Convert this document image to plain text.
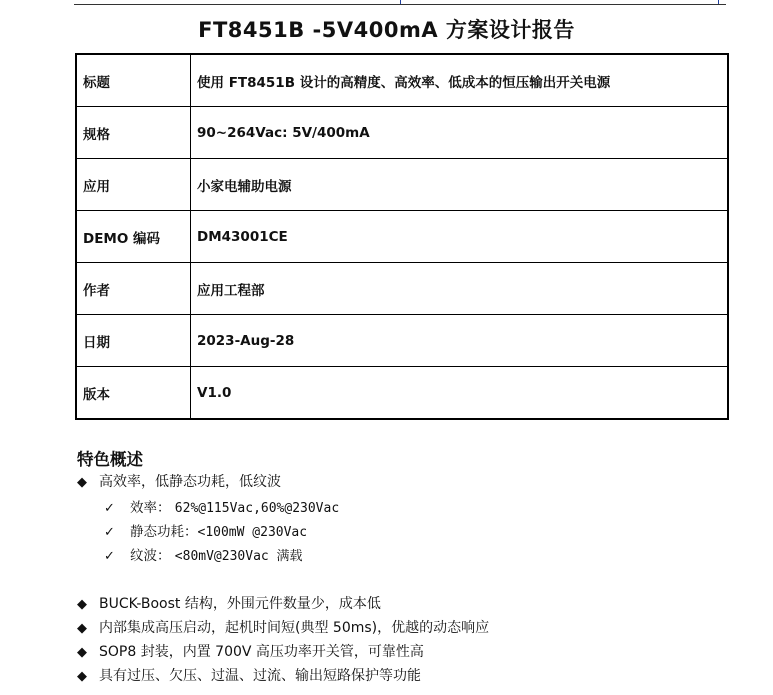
FT8451B -5V400mA 方案设计报告
标题	使用 FT8451B 设计的高精度、高效率、低成本的恒压输出开关电源
规格	90~264Vac: 5V/400mA
应用	小家电辅助电源
DEMO 编码	DM43001CE
作者	应用工程部
日期	2023-Aug-28
版本	V1.0
特色概述
◆ 高效率，低静态功耗，低纹波
✓ 效率： 62%@115Vac,60%@230Vac
✓ 静态功耗：<100mW @230Vac
✓ 纹波： <80mV@230Vac 满载
◆ BUCK-Boost 结构，外围元件数量少，成本低
◆ 内部集成高压启动，起机时间短(典型 50ms)，优越的动态响应
◆ SOP8 封装，内置 700V 高压功率开关管，可靠性高
◆ 具有过压、欠压、过温、过流、输出短路保护等功能
